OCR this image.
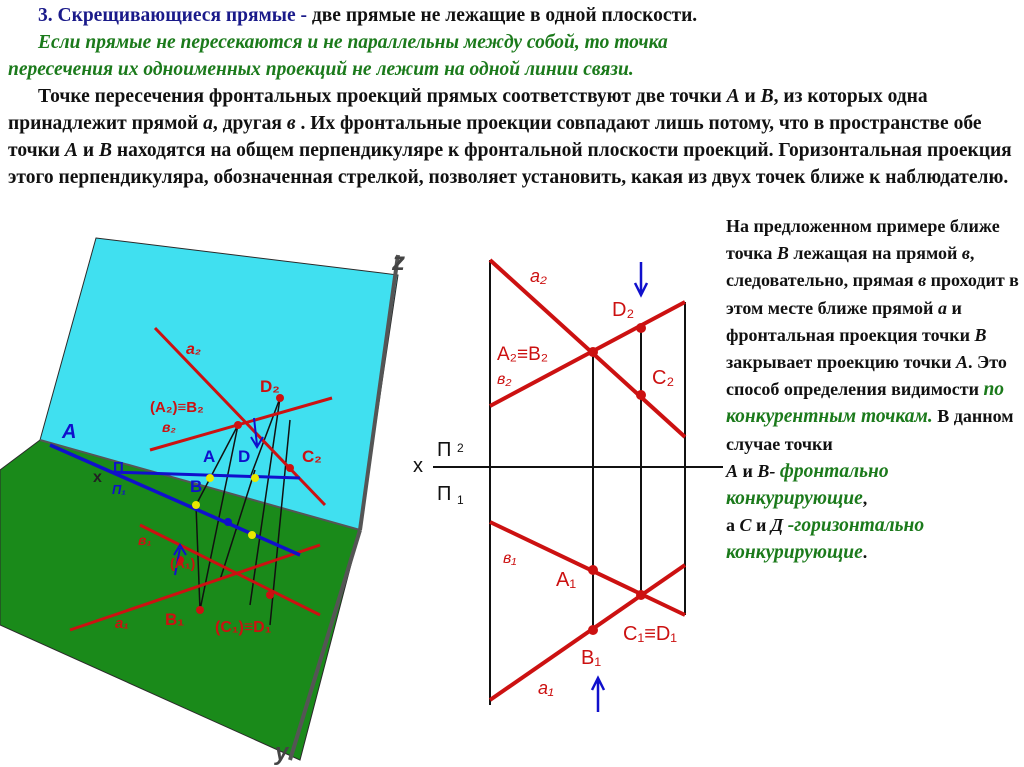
3. Скрещивающиеся прямые - две прямые не лежащие в одной плоскости.
Если прямые не пересекаются и не параллельны между собой, то точка
пересечения их одноименных проекций не лежит на одной линии связи.

Точке пересечения фронтальных проекций прямых соответствуют две точки A и B, из которых одна принадлежит прямой a, другая в . Их фронтальные проекции совпадают лишь потому, что в пространстве обе точки A и B находятся на общем перпендикуляре к фронтальной плоскости проекций. Горизонтальная проекция этого перпендикуляра, обозначенная стрелкой, позволяет установить, какая из двух точек ближе к наблюдателю.

На предложенном примере ближе точка B лежащая на прямой в, следовательно, прямая в проходит в этом месте ближе прямой a и фронтальная проекция точки B закрывает проекцию точки A. Это способ определения видимости по конкурентным точкам. В данном случае точки
A и B- фронтально конкурирующие,
а C и Д -горизонтально конкурирующие.
z
y
x
A
a₂
D₂
(A₂)≡B₂
в₂
C₂
A D
B
П
П₁
в₁
(A₁)
B₁ (C₁)≡D₁
a₁
x
П 2
П 1
a₂
D₂
A₂≡B₂
в₂	C₂
в₁
A₁
C₁≡D₁
B₁
a₁
